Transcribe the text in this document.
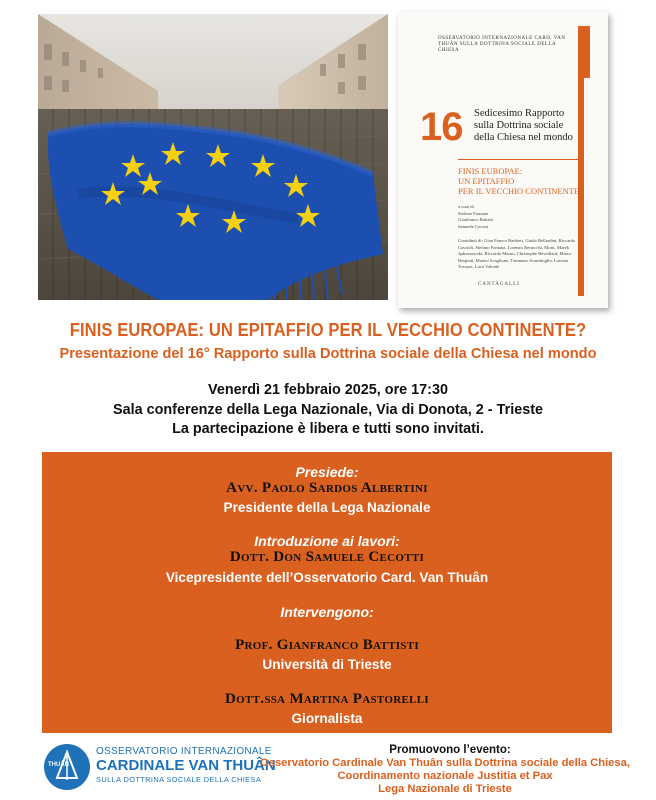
OSSERVATORIO INTERNAZIONALE CARD. VAN THUÂN SULLA DOTTRINA SOCIALE DELLA CHIESA
16 Sedicesimo Rapporto
sulla Dottrina sociale
della Chiesa nel mondo
FINIS EUROPAE:
UN EPITAFFIO
PER IL VECCHIO CONTINENTE?
a cura di
Stefano Fontana
Gianfranco Battisti
Samuele Cecotti
Contributi di: Gian Franco Barbieri, Guido Bellardini, Riccardo Cascioli, Stefano Fontana, Lorenzo Bertocchi, Mons. Marek Jędraszewski, Riccardo Mauro, Christophe Réveillard, Marco Respinti, Marzio Scaglione, Tommaso Scandroglio, Lavinia Tovazzi, Luca Volontè
CANTAGALLI
FINIS EUROPAE: UN EPITAFFIO PER IL VECCHIO CONTINENTE?
Presentazione del 16° Rapporto sulla Dottrina sociale della Chiesa nel mondo
Venerdì 21 febbraio 2025, ore 17:30
Sala conferenze della Lega Nazionale, Via di Donota, 2 - Trieste
La partecipazione è libera e tutti sono invitati.
Presiede:
Avv. Paolo Sardos Albertini
Presidente della Lega Nazionale
Introduzione ai lavori:
Dott. Don Samuele Cecotti
Vicepresidente dell’Osservatorio Card. Van Thuân
Intervengono:
Prof. Gianfranco Battisti
Università di Trieste
Dott.ssa Martina Pastorelli
Giornalista
THUÂN
OSSERVATORIO INTERNAZIONALE
CARDINALE VAN THUÂN
SULLA DOTTRINA SOCIALE DELLA CHIESA
Promuovono l’evento:
Osservatorio Cardinale Van Thuân sulla Dottrina sociale della Chiesa,
Coordinamento nazionale Justitia et Pax
Lega Nazionale di Trieste
